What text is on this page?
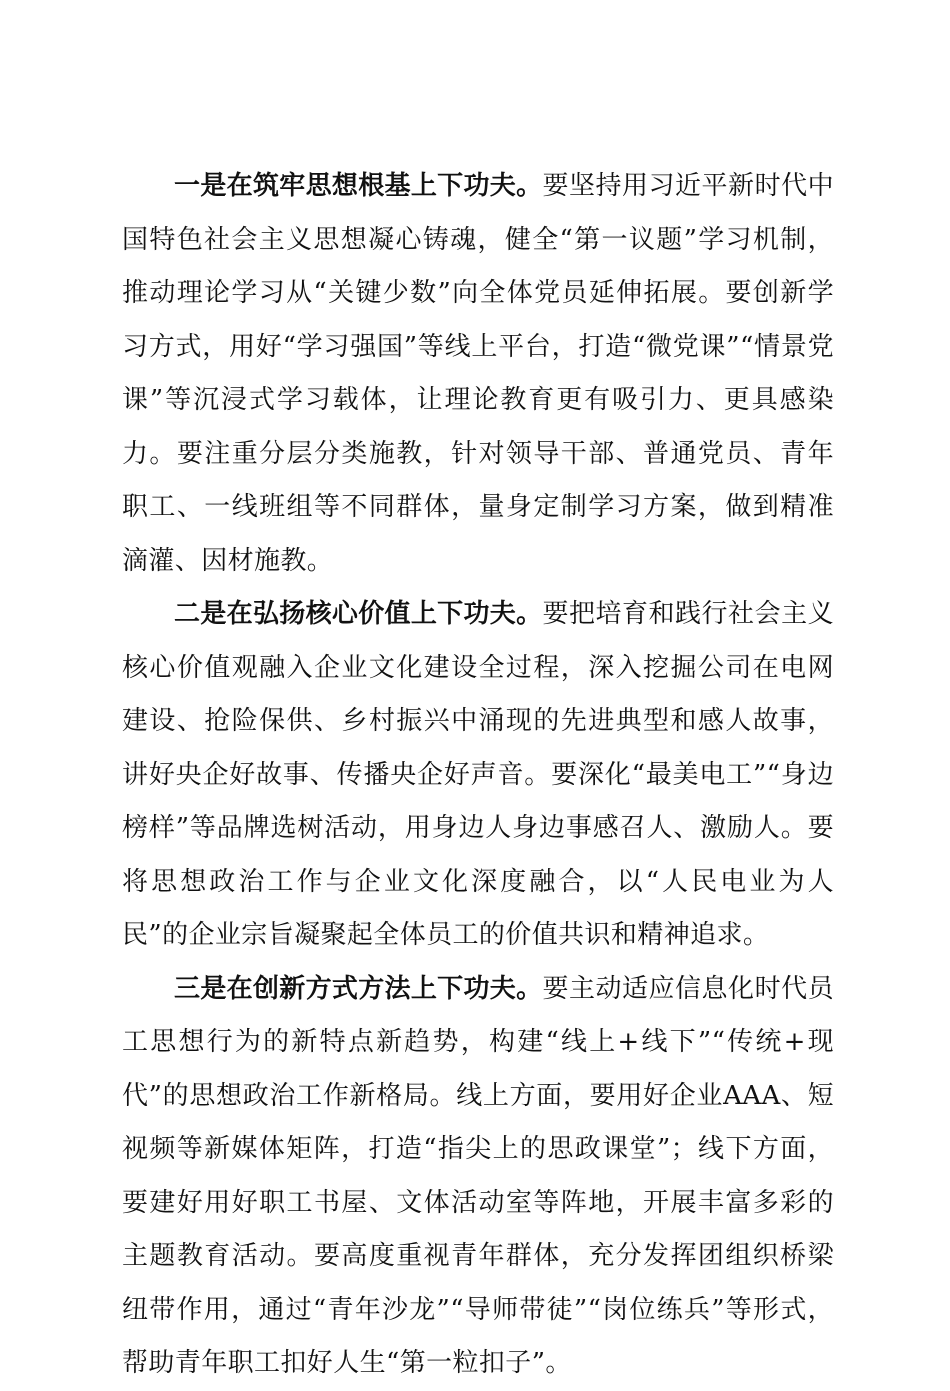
一是在筑牢思想根基上下功夫。要坚持用习近平新时代中国特色社会主义思想凝心铸魂，健全“第一议题”学习机制，推动理论学习从“关键少数”向全体党员延伸拓展。要创新学习方式，用好“学习强国”等线上平台，打造“微党课”“情景党课”等沉浸式学习载体，让理论教育更有吸引力、更具感染力。要注重分层分类施教，针对领导干部、普通党员、青年职工、一线班组等不同群体，量身定制学习方案，做到精准滴灌、因材施教。

二是在弘扬核心价值上下功夫。要把培育和践行社会主义核心价值观融入企业文化建设全过程，深入挖掘公司在电网建设、抢险保供、乡村振兴中涌现的先进典型和感人故事，讲好央企好故事、传播央企好声音。要深化“最美电工”“身边榜样”等品牌选树活动，用身边人身边事感召人、激励人。要将思想政治工作与企业文化深度融合，以“人民电业为人民”的企业宗旨凝聚起全体员工的价值共识和精神追求。

三是在创新方式方法上下功夫。要主动适应信息化时代员工思想行为的新特点新趋势，构建“线上+线下”“传统+现代”的思想政治工作新格局。线上方面，要用好企业AAA、短视频等新媒体矩阵，打造“指尖上的思政课堂”；线下方面，要建好用好职工书屋、文体活动室等阵地，开展丰富多彩的主题教育活动。要高度重视青年群体，充分发挥团组织桥梁纽带作用，通过“青年沙龙”“导师带徒”“岗位练兵”等形式，帮助青年职工扣好人生“第一粒扣子”。
